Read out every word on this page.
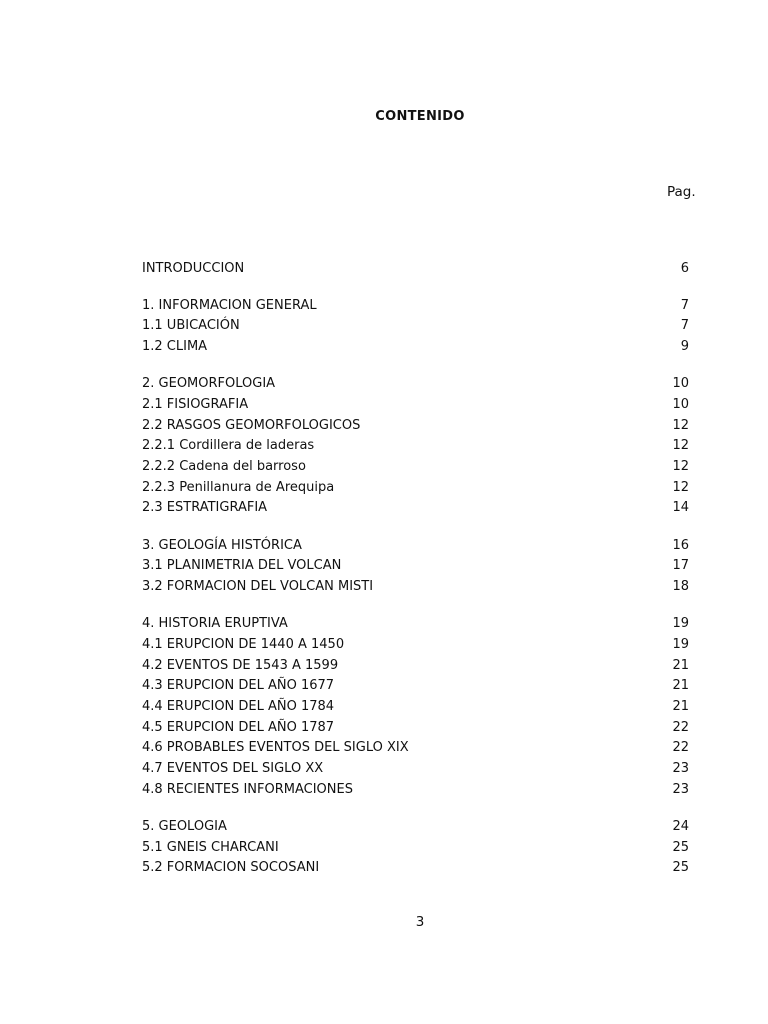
CONTENIDO
Pag.
INTRODUCCION	6
1. INFORMACION GENERAL	7
1.1 UBICACIÓN	7
1.2 CLIMA	9
2. GEOMORFOLOGIA	10
2.1 FISIOGRAFIA	10
2.2 RASGOS GEOMORFOLOGICOS	12
2.2.1 Cordillera de laderas	12
2.2.2 Cadena del barroso	12
2.2.3 Penillanura de Arequipa	12
2.3 ESTRATIGRAFIA	14
3. GEOLOGÍA HISTÓRICA	16
3.1 PLANIMETRIA DEL VOLCAN	17
3.2 FORMACION DEL VOLCAN MISTI	18
4. HISTORIA ERUPTIVA	19
4.1 ERUPCION DE 1440 A 1450	19
4.2 EVENTOS DE 1543 A 1599	21
4.3 ERUPCION DEL AÑO 1677	21
4.4 ERUPCION DEL AÑO 1784	21
4.5 ERUPCION DEL AÑO 1787	22
4.6 PROBABLES EVENTOS DEL SIGLO XIX	22
4.7 EVENTOS DEL SIGLO XX	23
4.8 RECIENTES INFORMACIONES	23
5. GEOLOGIA	24
5.1 GNEIS CHARCANI	25
5.2 FORMACION SOCOSANI	25
3
